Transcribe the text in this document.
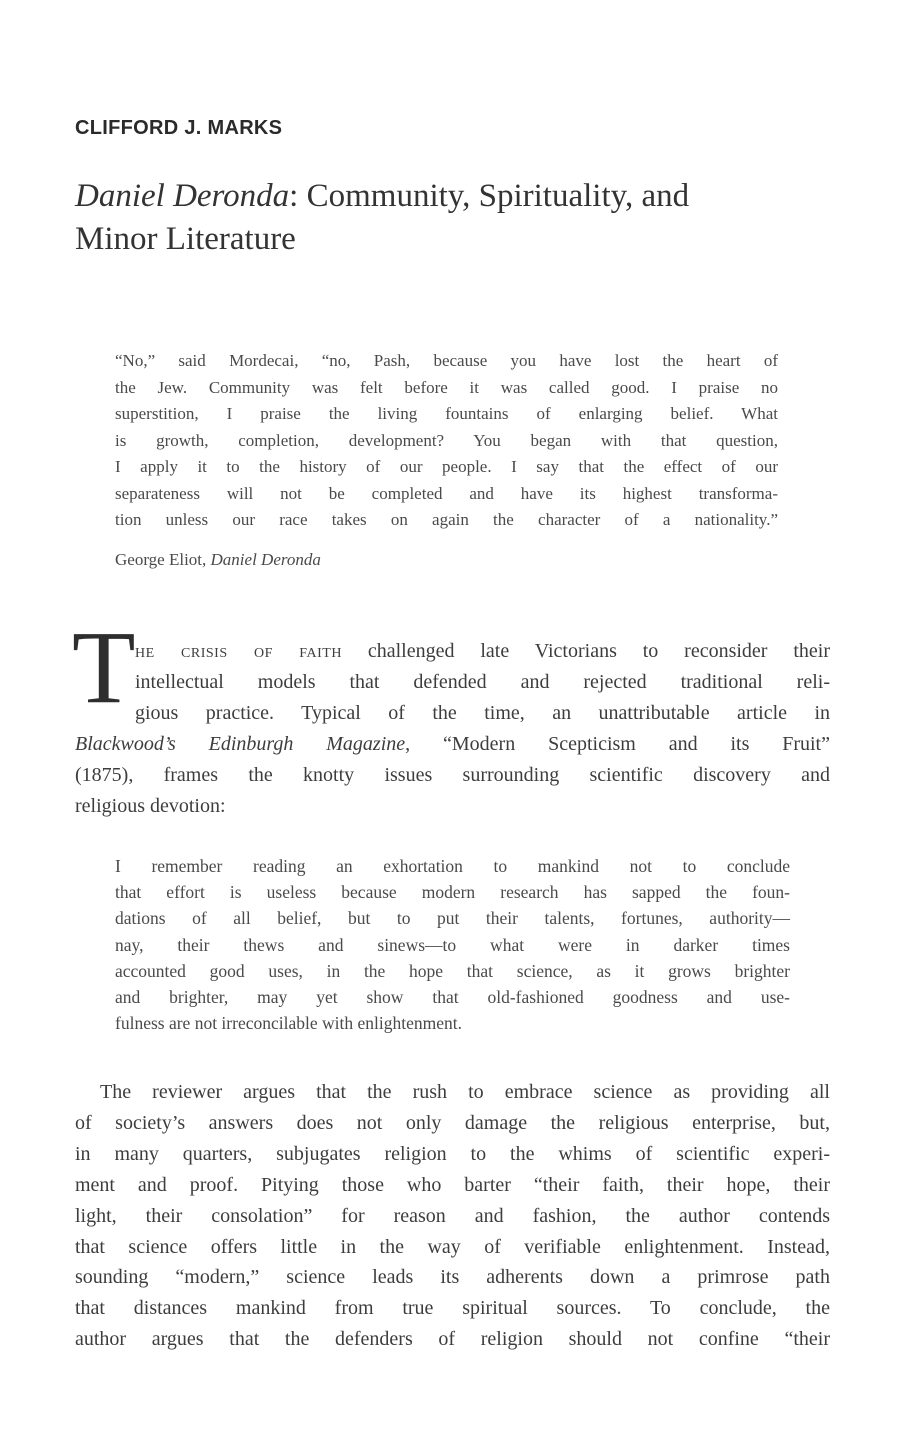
CLIFFORD J. MARKS
Daniel Deronda: Community, Spirituality, and
Minor Literature
“No,” said Mordecai, “no, Pash, because you have lost the heart of
the Jew. Community was felt before it was called good. I praise no
superstition, I praise the living fountains of enlarging belief. What
is growth, completion, development? You began with that question,
I apply it to the history of our people. I say that the effect of our
separateness will not be completed and have its highest transforma-
tion unless our race takes on again the character of a nationality.”
George Eliot, Daniel Deronda
T he crisis of faith challenged late Victorians to reconsider their
intellectual models that defended and rejected traditional reli-
gious practice. Typical of the time, an unattributable article in
Blackwood’s Edinburgh Magazine, “Modern Scepticism and its Fruit”
(1875), frames the knotty issues surrounding scientific discovery and
religious devotion:
I remember reading an exhortation to mankind not to conclude
that effort is useless because modern research has sapped the foun-
dations of all belief, but to put their talents, fortunes, authority—
nay, their thews and sinews—to what were in darker times
accounted good uses, in the hope that science, as it grows brighter
and brighter, may yet show that old-fashioned goodness and use-
fulness are not irreconcilable with enlightenment.
The reviewer argues that the rush to embrace science as providing all
of society’s answers does not only damage the religious enterprise, but,
in many quarters, subjugates religion to the whims of scientific experi-
ment and proof. Pitying those who barter “their faith, their hope, their
light, their consolation” for reason and fashion, the author contends
that science offers little in the way of verifiable enlightenment. Instead,
sounding “modern,” science leads its adherents down a primrose path
that distances mankind from true spiritual sources. To conclude, the
author argues that the defenders of religion should not confine “their
